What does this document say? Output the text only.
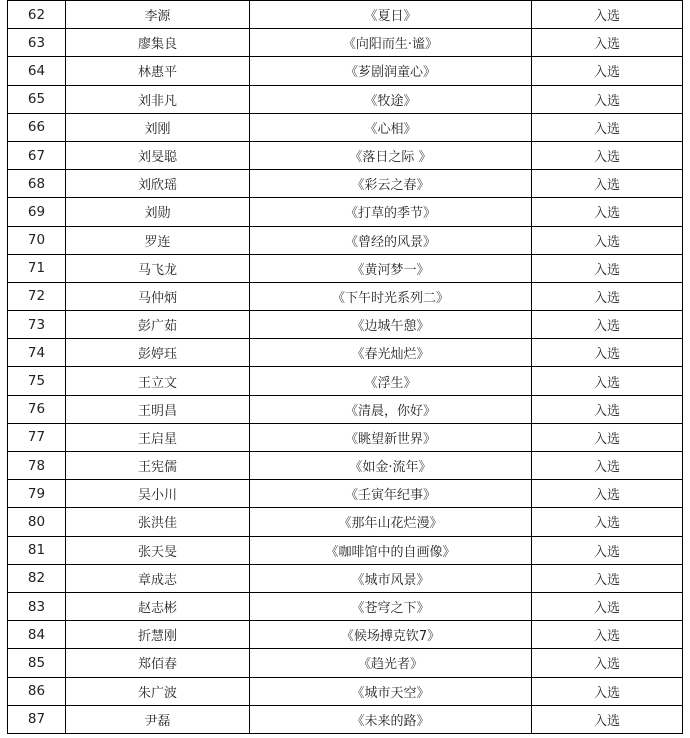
62	李源	《夏日》	入选
63	廖集良	《向阳而生·谧》	入选
64	林惠平	《芗剧润童心》	入选
65	刘非凡	《牧途》	入选
66	刘刚	《心相》	入选
67	刘旻聪	《落日之际 》	入选
68	刘欣瑶	《彩云之春》	入选
69	刘勋	《打草的季节》	入选
70	罗连	《曾经的风景》	入选
71	马飞龙	《黄河梦一》	入选
72	马仲炳	《下午时光系列二》	入选
73	彭广茹	《边城午憩》	入选
74	彭婷珏	《春光灿烂》	入选
75	王立文	《浮生》	入选
76	王明昌	《清晨，你好》	入选
77	王启星	《眺望新世界》	入选
78	王宪儒	《如金·流年》	入选
79	吴小川	《壬寅年纪事》	入选
80	张洪佳	《那年山花烂漫》	入选
81	张天旻	《咖啡馆中的自画像》	入选
82	章成志	《城市风景》	入选
83	赵志彬	《苍穹之下》	入选
84	折慧刚	《候场搏克钦7》	入选
85	郑佰春	《趋光者》	入选
86	朱广波	《城市天空》	入选
87	尹磊	《未来的路》	入选
